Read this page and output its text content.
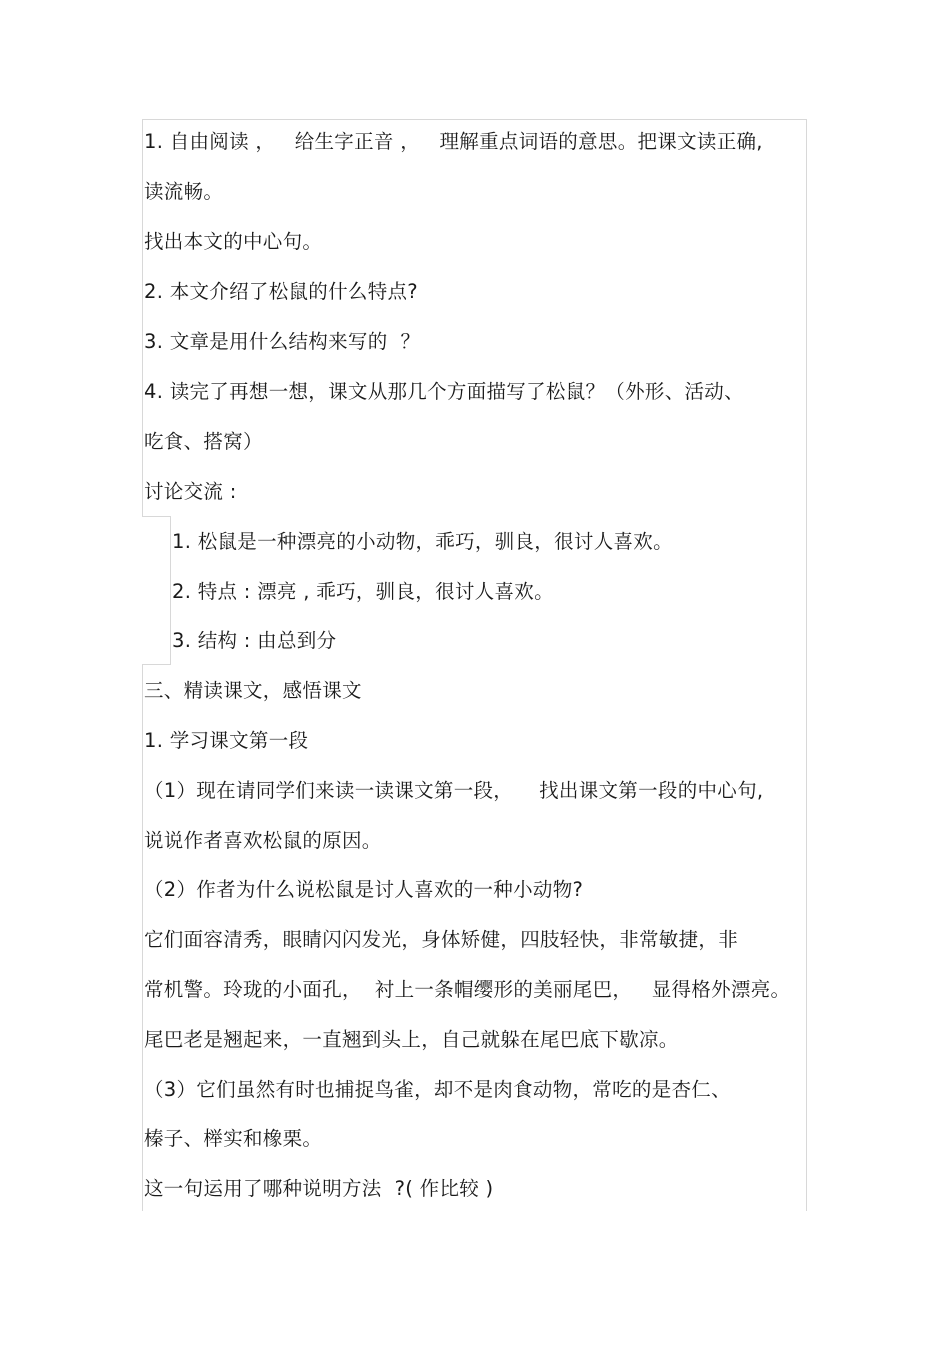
1. 自由阅读 ，   给生字正音 ，   理解重点词语的意思。把课文读正确,
读流畅。
找出本文的中心句。
2. 本文介绍了松鼠的什么特点?
3. 文章是用什么结构来写的  ？
4. 读完了再想一想，课文从那几个方面描写了松鼠？（外形、活动、
吃食、搭窝）
讨论交流 :
1. 松鼠是一种漂亮的小动物，乖巧，驯良，很讨人喜欢。
2. 特点 : 漂亮 , 乖巧，驯良，很讨人喜欢。
3. 结构 : 由总到分
三、精读课文，感悟课文
1. 学习课文第一段
（1）现在请同学们来读一读课文第一段，    找出课文第一段的中心句,
说说作者喜欢松鼠的原因。
（2）作者为什么说松鼠是讨人喜欢的一种小动物?
它们面容清秀，眼睛闪闪发光，身体矫健，四肢轻快，非常敏捷，非
常机警。玲珑的小面孔，  衬上一条帽缨形的美丽尾巴，   显得格外漂亮。
尾巴老是翘起来，一直翘到头上，自己就躲在尾巴底下歇凉。
（3）它们虽然有时也捕捉鸟雀，却不是肉食动物，常吃的是杏仁、
榛子、榉实和橡栗。
这一句运用了哪种说明方法  ?( 作比较 )
